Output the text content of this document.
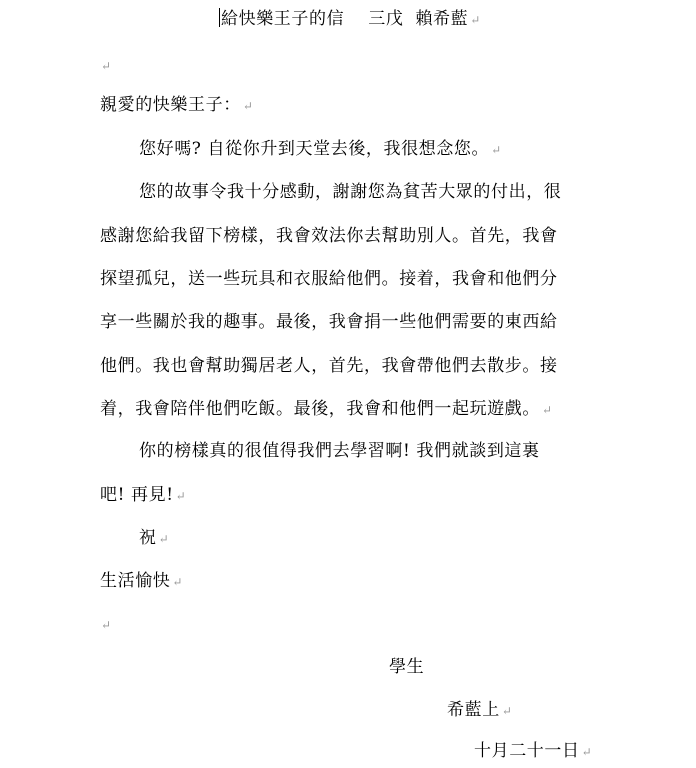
給快樂王子的信 三戊 賴希藍 ↵
↵
親愛的快樂王子： ↵
您好嗎? 自從你升到天堂去後，我很想念您。 ↵
您的故事令我十分感動，謝謝您為貧苦大眾的付出，很
感謝您給我留下榜樣，我會效法你去幫助別人。首先，我會
探望孤兒，送一些玩具和衣服給他們。接着，我會和他們分
享一些關於我的趣事。最後，我會捐一些他們需要的東西給
他們。我也會幫助獨居老人，首先，我會帶他們去散步。接
着，我會陪伴他們吃飯。最後，我會和他們一起玩遊戲。 ↵
你的榜樣真的很值得我們去學習啊! 我們就談到這裏
吧! 再見! ↵
祝 ↵
生活愉快 ↵
↵
學生
希藍上 ↵
十月二十一日 ↵
